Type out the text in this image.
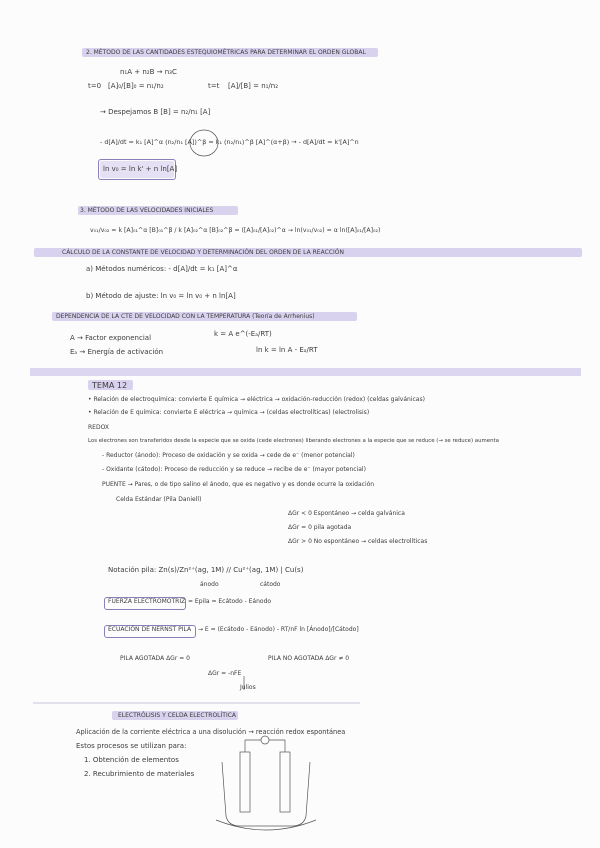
2. MÉTODO DE LAS CANTIDADES ESTEQUIOMÉTRICAS PARA DETERMINAR EL ORDEN GLOBAL
n₁A + n₂B → n₃C
t=0 [A]₀/[B]₀ = n₁/n₂	t=t [A]/[B] = n₁/n₂
→ Despejamos B [B] = n₂/n₁ [A]
- d[A]/dt = k₁ [A]^α (n₂/n₁ [A])^β = k₁ (n₂/n₁)^β [A]^(α+β) → - d[A]/dt = k'[A]^n
ln v₀ = ln k' + n ln[A]
3. MÉTODO DE LAS VELOCIDADES INICIALES
v₀₁/v₀₂ = k [A]₀₁^α [B]₀₁^β / k [A]₀₂^α [B]₀₂^β = ([A]₀₁/[A]₀₂)^α → ln(v₀₁/v₀₂) = α ln([A]₀₁/[A]₀₂)
CÁLCULO DE LA CONSTANTE DE VELOCIDAD Y DETERMINACIÓN DEL ORDEN DE LA REACCIÓN
a) Métodos numéricos: - d[A]/dt = k₁ [A]^α
b) Método de ajuste: ln v₀ = ln v₀ + n ln[A]
DEPENDENCIA DE LA CTE DE VELOCIDAD CON LA TEMPERATURA (Teoría de Arrhenius)
A → Factor exponencial
Eₐ → Energía de activación
k = A e^(-Eₐ/RT)
ln k = ln A - Eₐ/RT
TEMA 12
• Relación de electroquímica: convierte E química → eléctrica → oxidación-reducción (redox) (celdas galvánicas)
• Relación de E química: convierte E eléctrica → química → (celdas electrolíticas) (electrolisis)
REDOX
Los electrones son transferidos desde la especie que se oxida (cede electrones) liberando electrones a la especie que se reduce (→ se reduce) aumenta
- Reductor (ánodo): Proceso de oxidación y se oxida → cede de e⁻ (menor potencial)
- Oxidante (cátodo): Proceso de reducción y se reduce → recibe de e⁻ (mayor potencial)
PUENTE → Pares, o de tipo salino el ánodo, que es negativo y es donde ocurre la oxidación
Celda Estándar (Pila Daniell)
ΔGr < 0 Espontáneo → celda galvánica
ΔGr = 0 pila agotada
ΔGr > 0 No espontáneo → celdas electrolíticas
Notación pila: Zn(s)/Zn²⁺(ag, 1M) // Cu²⁺(ag, 1M) | Cu(s)
ánodo	cátodo
FUERZA ELECTROMOTRIZ = Epila = Ecátodo - Eánodo
ECUACIÓN DE NERNST PILA → E = (Ecátodo - Eánodo) - RT/nF ln [Ánodo]/[Cátodo]
PILA AGOTADA ΔGr = 0	PILA NO AGOTADA ΔGr ≠ 0
ΔGr = -nFE
Julios
ELECTRÓLISIS Y CELDA ELECTROLÍTICA
Aplicación de la corriente eléctrica a una disolución → reacción redox espontánea
Estos procesos se utilizan para:
1. Obtención de elementos
2. Recubrimiento de materiales
